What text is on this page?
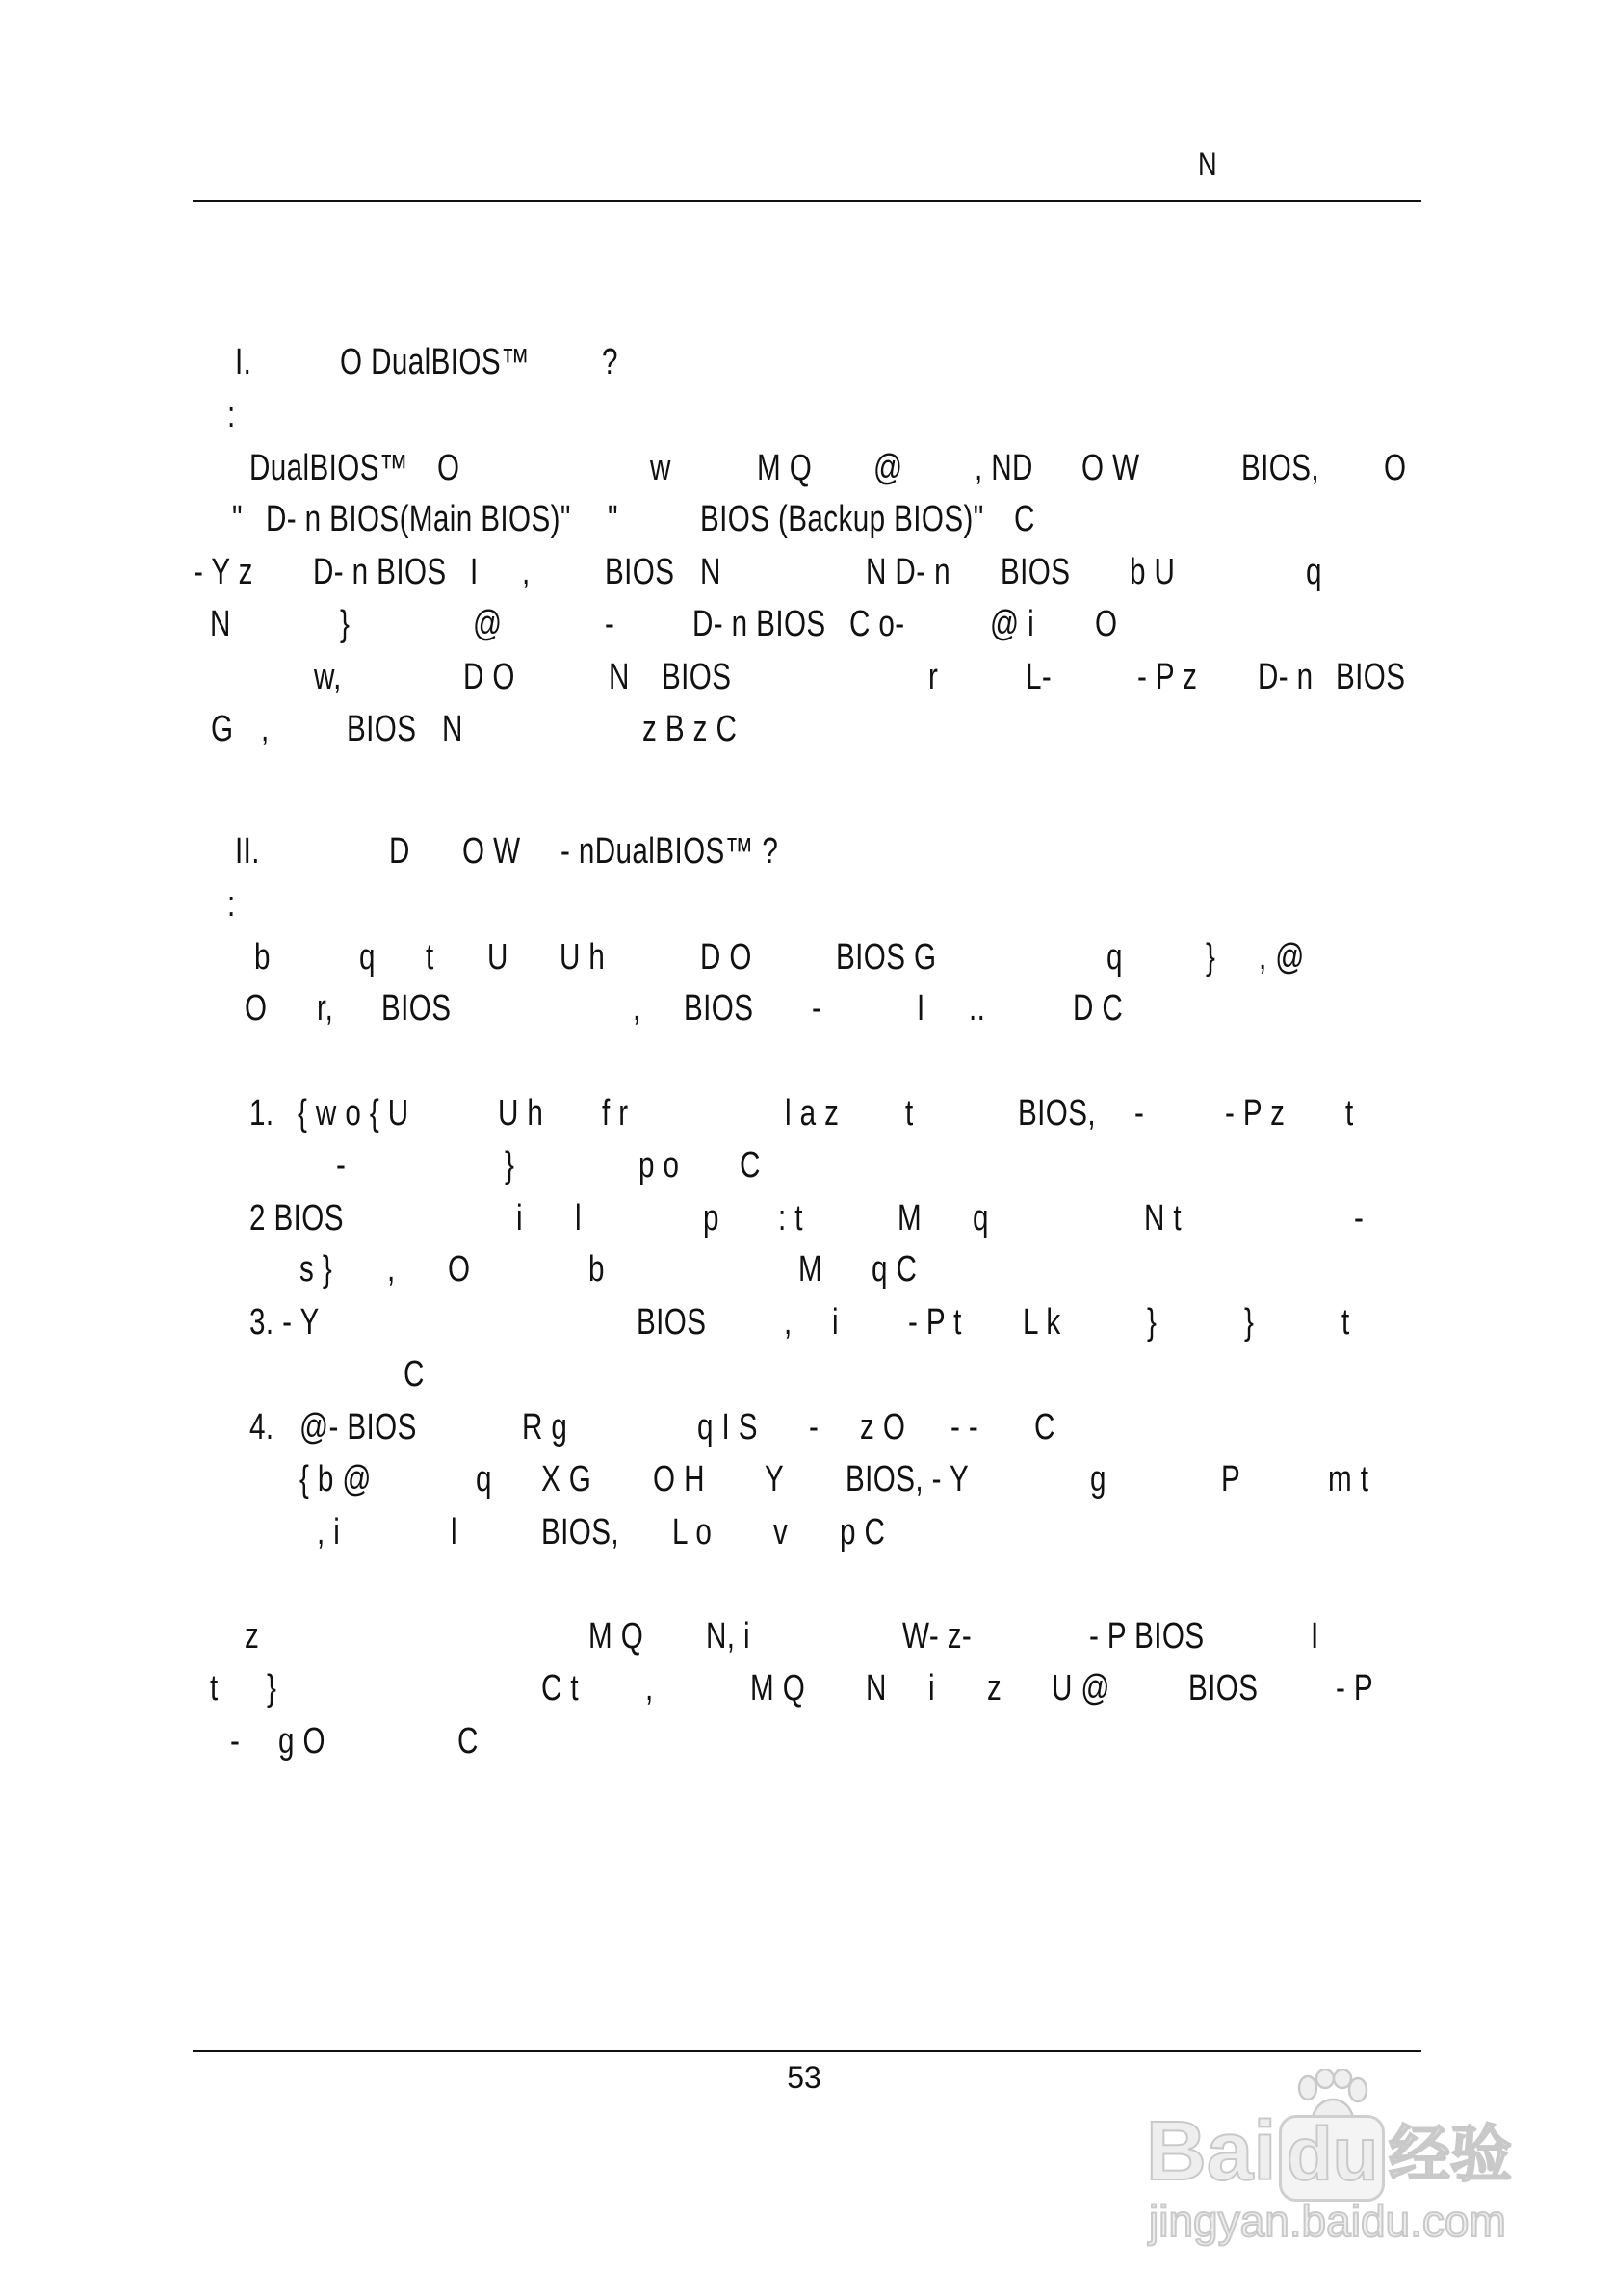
N
I. O DualBIOS™ ?
:
DualBIOS™ O	w M Q @ , ND O W	BIOS, O
" D- n BIOS(Main BIOS)" " BIOS (Backup BIOS)" C
- Y z D- n BIOS I , BIOS N	N D- n BIOS b U	q
N	}	@	- D- n BIOS C o- @ i O
w,	D O	N BIOS	r L- - P z D- n BIOS
G , BIOS N	z B z C
II.	D O W - nDualBIOS™ ?
:
b q t U U h	D O BIOS G	q } , @
O r, BIOS	, BIOS -	I .. D C
1. { w o { U U h f r	l a z t	BIOS, - - P z t
-	}	p o C
2 BIOS	i l	p : t	M q	N t	-
s } , O	b	M q C
3. - Y	BIOS , i - P t L k } } t
C
4. @- BIOS	R g	q I S - z O - - C
{ b @	q X G O H Y BIOS, - Y	g	P m t
, i	l BIOS, L o v p C
z	M Q N, i	W- z-	- P BIOS	I
t }	C t ,	M Q N i z U @ BIOS - P
- g O	C
53
Bai du 经验
jingyan.baidu.com
